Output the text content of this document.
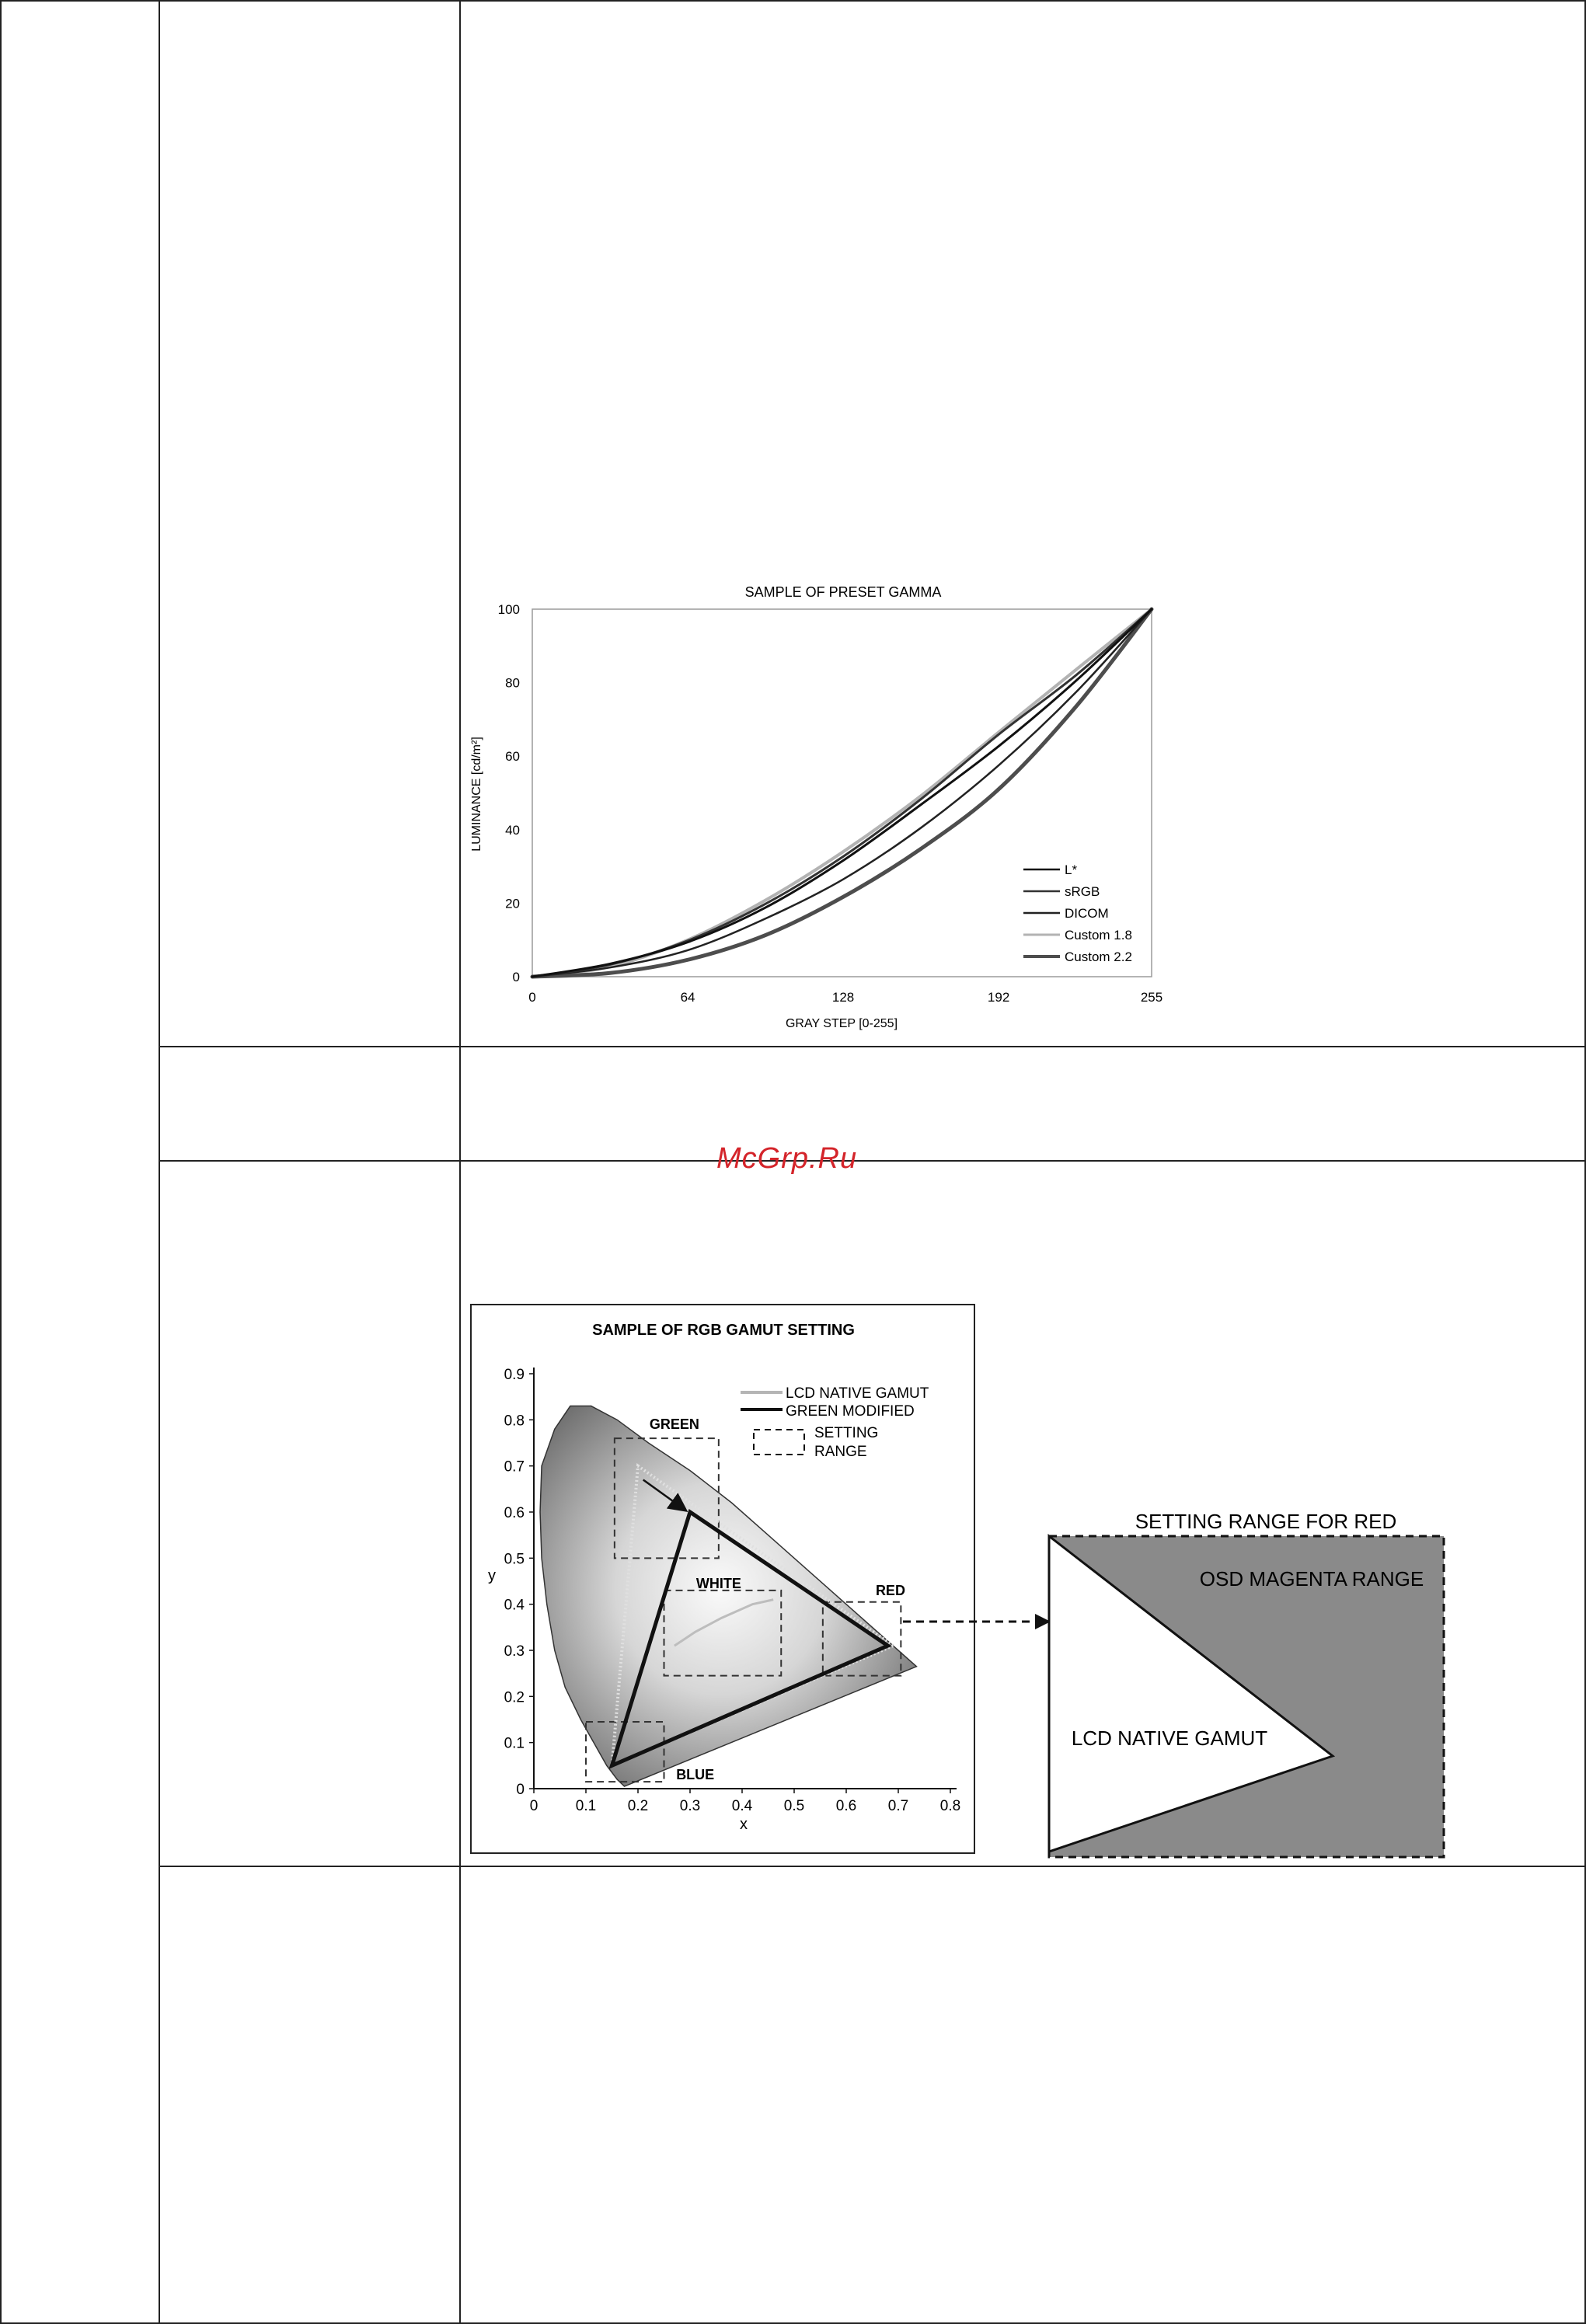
McGrp.Ru
SAMPLE OF PRESET GAMMA
0
20
40
60
80
100
0	64	128	192	255
L*
sRGB
DICOM
Custom 1.8
Custom 2.2
GRAY STEP [0-255]
LUMINANCE [cd/m²]
SAMPLE OF RGB GAMUT SETTING
0
0.1
0.2
0.3
0.4
0.5
0.6
0.7
0.8
0.9
0	0.1 0.2 0.3 0.4 0.5 0.6 0.7 0.8
GREEN
WHITE	RED
BLUE
LCD NATIVE GAMUT
GREEN MODIFIED
SETTING
RANGE
x
y
SETTING RANGE FOR RED
OSD MAGENTA RANGE
LCD NATIVE GAMUT
